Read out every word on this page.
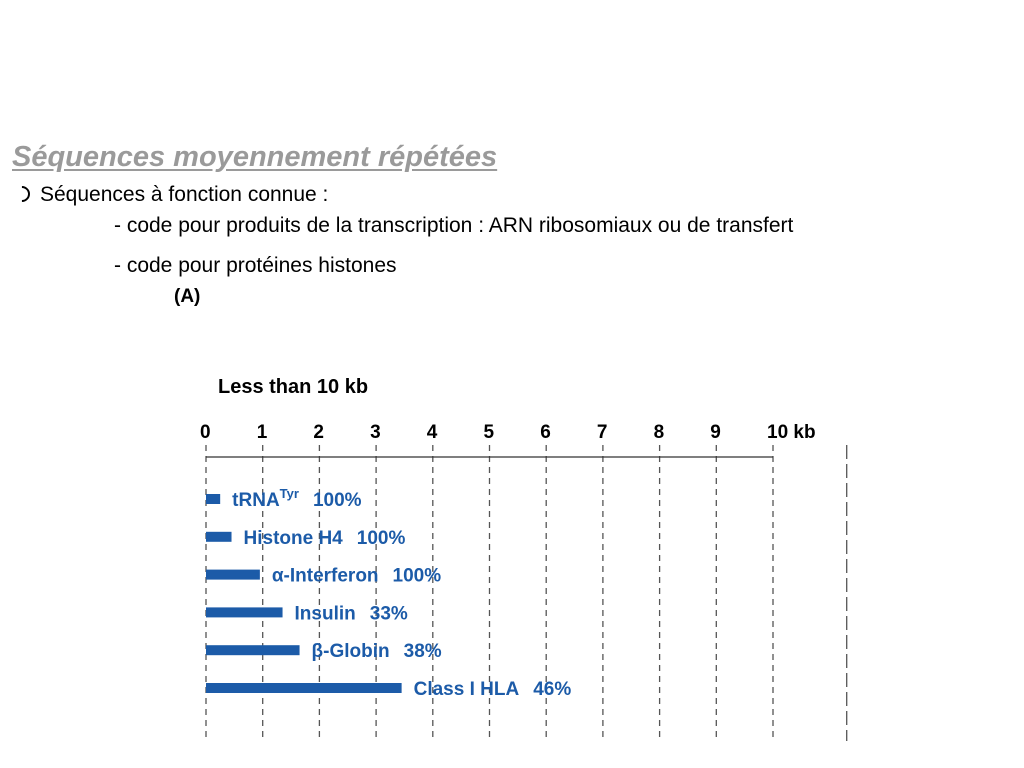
Séquences moyennement répétées
Séquences à fonction connue :
- code pour produits de la transcription : ARN ribosomiaux ou de transfert
- code pour protéines histones
(A)
Less than 10 kb
0 1 2 3 4 5 6 7 8 9 10 kb
tRNA$^{Tyr}$ 100%
Histone H4 100%
α-Interferon 100%
Insulin 33%
β-Globin 38%
Class I HLA 46%
